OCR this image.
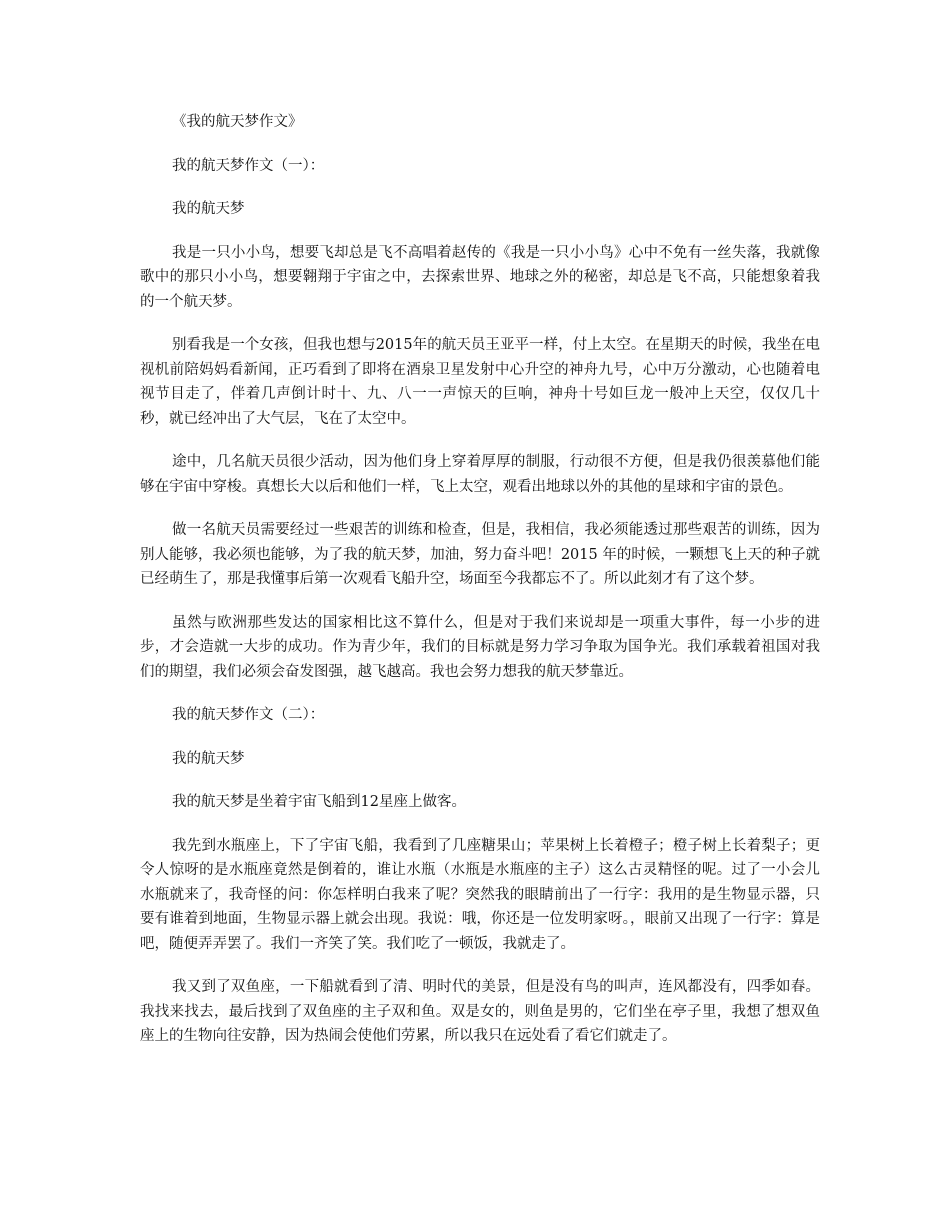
《我的航天梦作文》

我的航天梦作文（一）：

我的航天梦

我是一只小小鸟，想要飞却总是飞不高唱着赵传的《我是一只小小鸟》心中不免有一丝失落，我就像歌中的那只小小鸟，想要翱翔于宇宙之中，去探索世界、地球之外的秘密，却总是飞不高，只能想象着我的一个航天梦。

别看我是一个女孩，但我也想与2015年的航天员王亚平一样，付上太空。在星期天的时候，我坐在电视机前陪妈妈看新闻，正巧看到了即将在酒泉卫星发射中心升空的神舟九号，心中万分激动，心也随着电视节目走了，伴着几声倒计时十、九、八一一声惊天的巨响，神舟十号如巨龙一般冲上天空，仅仅几十秒，就已经冲出了大气层，飞在了太空中。

途中，几名航天员很少活动，因为他们身上穿着厚厚的制服，行动很不方便，但是我仍很羡慕他们能够在宇宙中穿梭。真想长大以后和他们一样，飞上太空，观看出地球以外的其他的星球和宇宙的景色。

做一名航天员需要经过一些艰苦的训练和检查，但是，我相信，我必须能透过那些艰苦的训练，因为别人能够，我必须也能够，为了我的航天梦，加油，努力奋斗吧！2015 年的时候，一颗想飞上天的种子就已经萌生了，那是我懂事后第一次观看飞船升空，场面至今我都忘不了。所以此刻才有了这个梦。

虽然与欧洲那些发达的国家相比这不算什么，但是对于我们来说却是一项重大事件，每一小步的进步，才会造就一大步的成功。作为青少年，我们的目标就是努力学习争取为国争光。我们承载着祖国对我们的期望，我们必须会奋发图强，越飞越高。我也会努力想我的航天梦靠近。

我的航天梦作文（二）：

我的航天梦

我的航天梦是坐着宇宙飞船到12星座上做客。

我先到水瓶座上，下了宇宙飞船，我看到了几座糖果山；苹果树上长着橙子；橙子树上长着梨子；更令人惊呀的是水瓶座竟然是倒着的，谁让水瓶（水瓶是水瓶座的主子）这么古灵精怪的呢。过了一小会儿水瓶就来了，我奇怪的问：你怎样明白我来了呢？突然我的眼睛前出了一行字：我用的是生物显示器，只要有谁着到地面，生物显示器上就会出现。我说：哦，你还是一位发明家呀。，眼前又出现了一行字：算是吧，随便弄弄罢了。我们一齐笑了笑。我们吃了一顿饭，我就走了。

我又到了双鱼座，一下船就看到了清、明时代的美景，但是没有鸟的叫声，连风都没有，四季如春。我找来找去，最后找到了双鱼座的主子双和鱼。双是女的，则鱼是男的，它们坐在亭子里，我想了想双鱼座上的生物向往安静，因为热闹会使他们劳累，所以我只在远处看了看它们就走了。
